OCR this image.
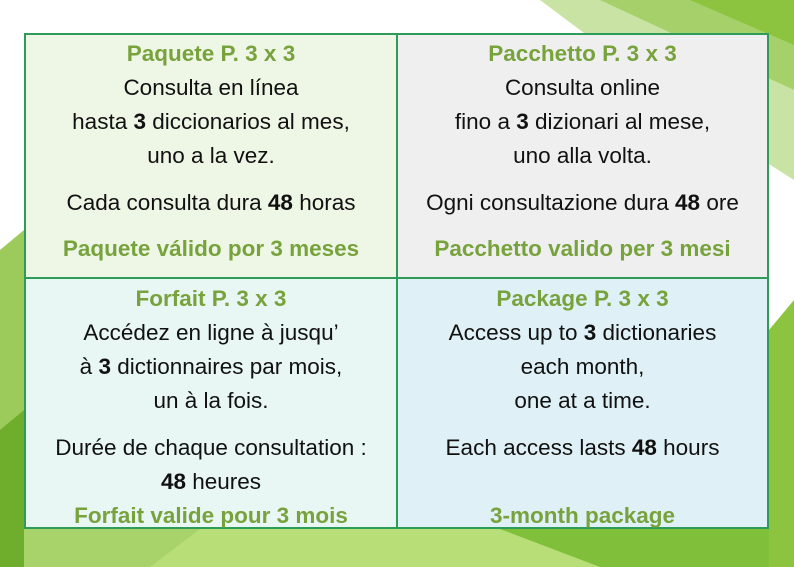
Paquete P. 3 x 3
Consulta en línea
hasta 3 diccionarios al mes,
uno a la vez.
Cada consulta dura 48 horas
Paquete válido por 3 meses
Pacchetto P. 3 x 3
Consulta online
fino a 3 dizionari al mese,
uno alla volta.
Ogni consultazione dura 48 ore
Pacchetto valido per 3 mesi
Forfait P. 3 x 3
Accédez en ligne à jusqu’
à 3 dictionnaires par mois,
un à la fois.
Durée de chaque consultation :
48 heures
Forfait valide pour 3 mois
Package P. 3 x 3
Access up to 3 dictionaries
each month,
one at a time.
Each access lasts 48 hours
3-month package
